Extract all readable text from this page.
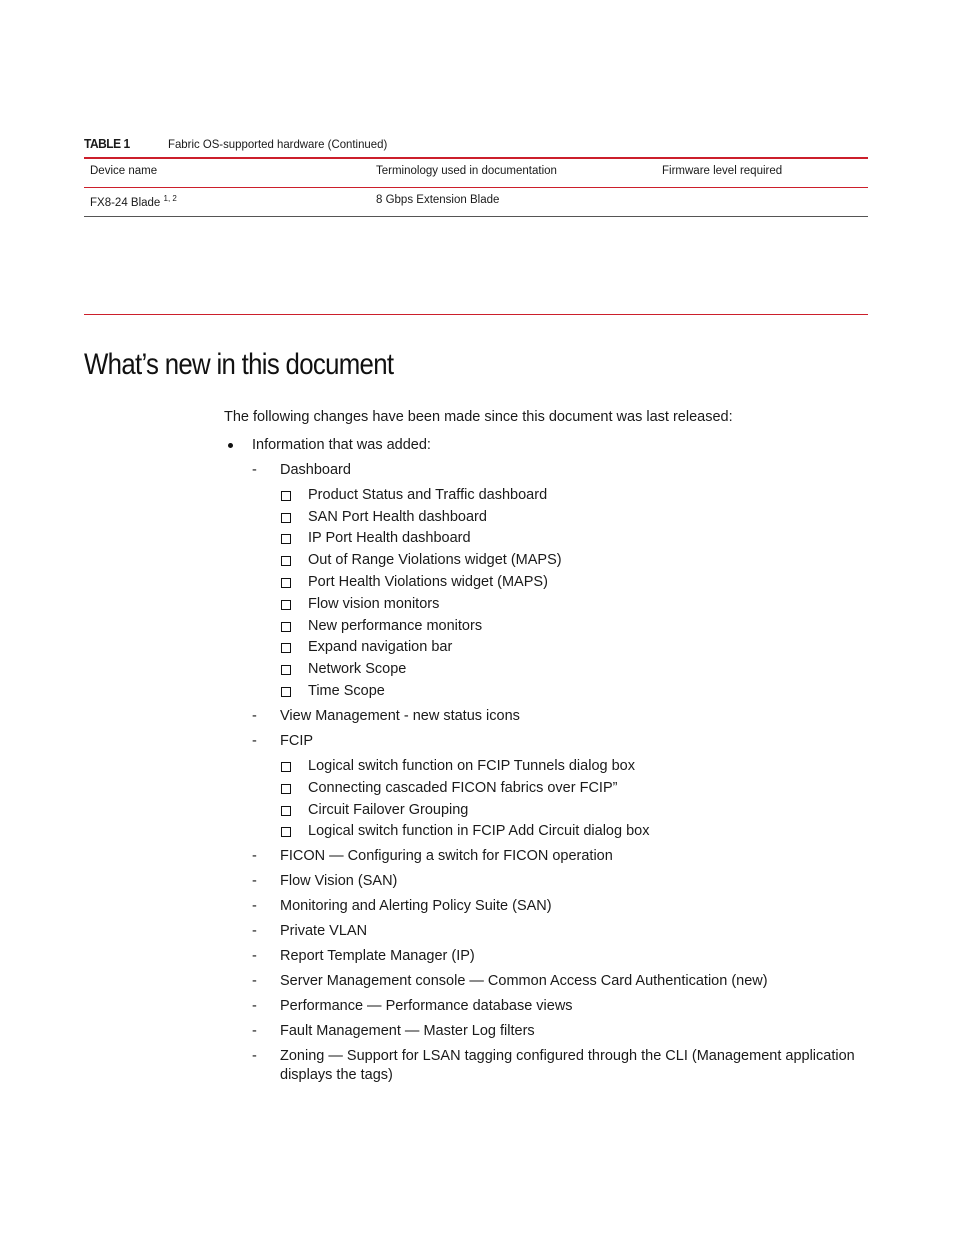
TABLE 1	Fabric OS-supported hardware (Continued)
Device name	Terminology used in documentation	Firmware level required
FX8-24 Blade $^{1, 2}$	8 Gbps Extension Blade	
What’s new in this document
The following changes have been made since this document was last released:
Information that was added:
- Dashboard
Product Status and Traffic dashboard
SAN Port Health dashboard
IP Port Health dashboard
Out of Range Violations widget (MAPS)
Port Health Violations widget (MAPS)
Flow vision monitors
New performance monitors
Expand navigation bar
Network Scope
Time Scope
- View Management - new status icons
- FCIP
Logical switch function on FCIP Tunnels dialog box
Connecting cascaded FICON fabrics over FCIP”
Circuit Failover Grouping
Logical switch function in FCIP Add Circuit dialog box
- FICON — Configuring a switch for FICON operation
- Flow Vision (SAN)
- Monitoring and Alerting Policy Suite (SAN)
- Private VLAN
- Report Template Manager (IP)
- Server Management console — Common Access Card Authentication (new)
- Performance — Performance database views
- Fault Management — Master Log filters
- Zoning — Support for LSAN tagging configured through the CLI (Management application
displays the tags)
